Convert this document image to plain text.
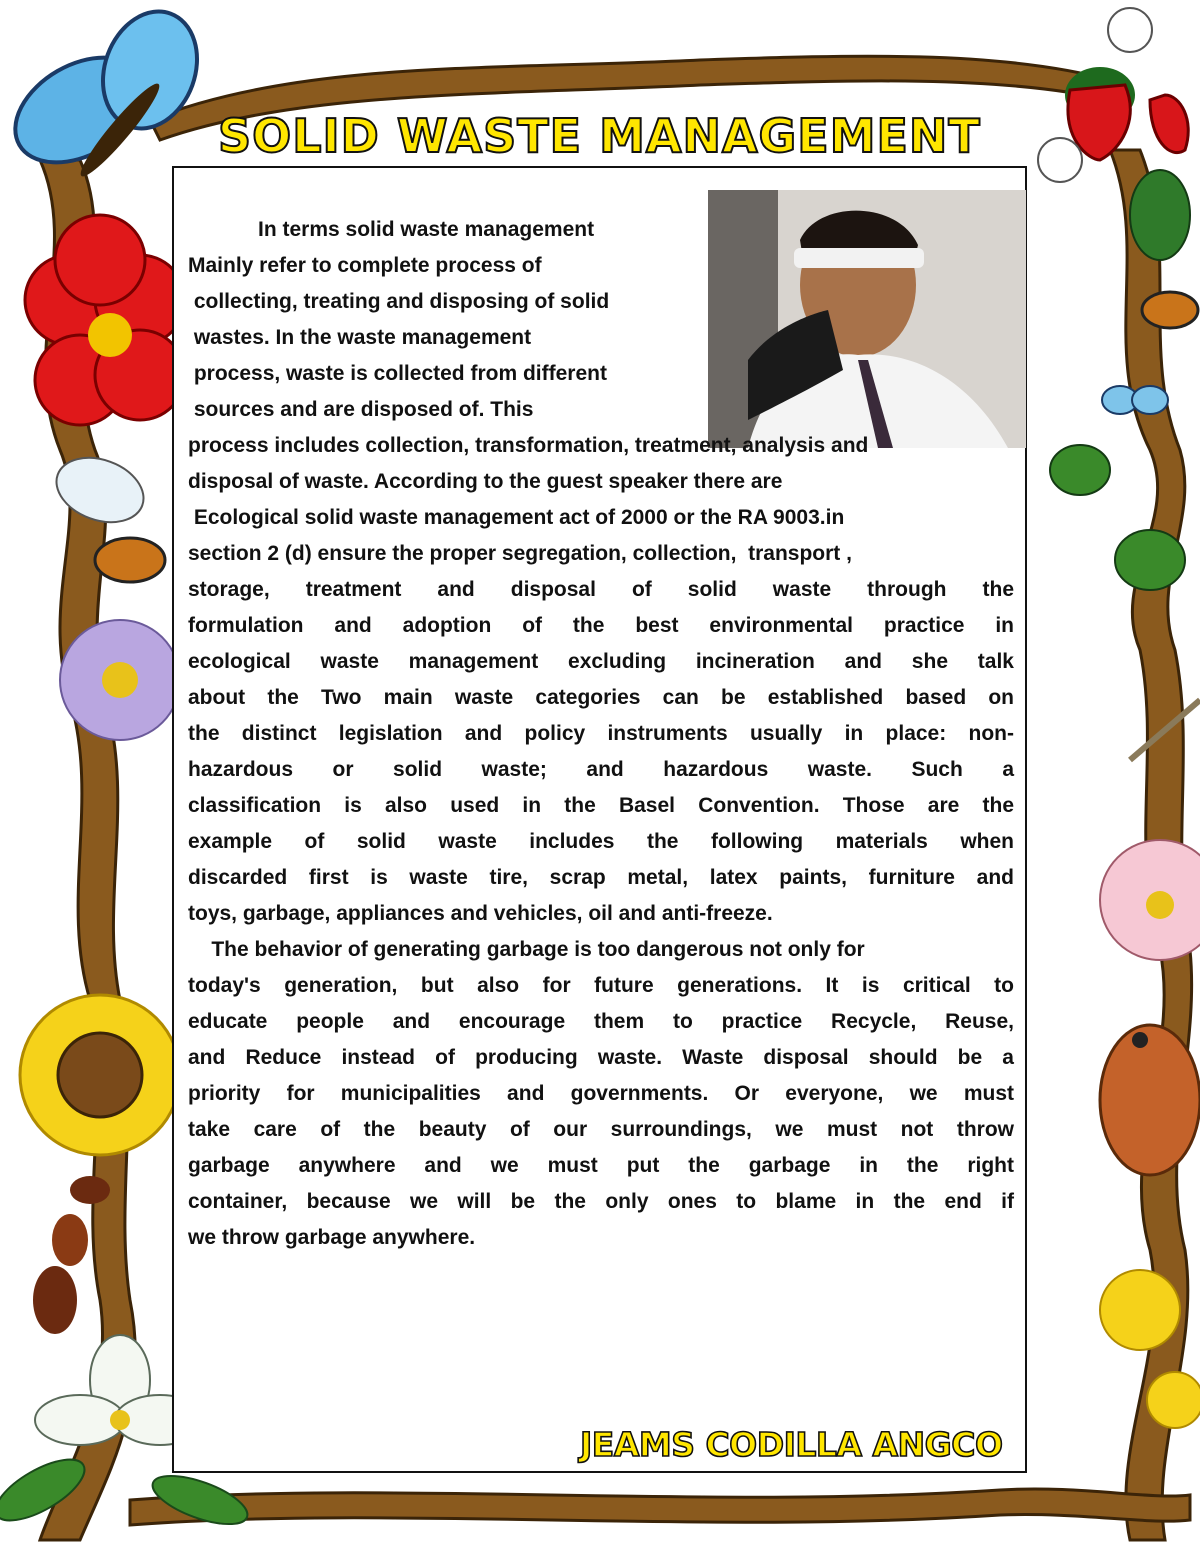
SOLID WASTE MANAGEMENT
In terms solid waste management
Mainly refer to complete process of
collecting, treating and disposing of solid
wastes. In the waste management
process, waste is collected from different
sources and are disposed of. This
process includes collection, transformation, treatment, analysis and
disposal of waste. According to the guest speaker there are
Ecological solid waste management act of 2000 or the RA 9003.in
section 2 (d) ensure the proper segregation, collection,  transport ,
storage, treatment and disposal of solid waste through the
formulation and adoption of the best environmental practice in
ecological waste management excluding incineration and she talk
about the Two main waste categories can be established based on
the distinct legislation and policy instruments usually in place: non-
hazardous or solid waste; and hazardous waste. Such a
classification is also used in the Basel Convention. Those are the
example of solid waste includes the following materials when
discarded first is waste tire, scrap metal, latex paints, furniture and
toys, garbage, appliances and vehicles, oil and anti-freeze.
The behavior of generating garbage is too dangerous not only for
today's generation, but also for future generations. It is critical to
educate people and encourage them to practice Recycle, Reuse,
and Reduce instead of producing waste. Waste disposal should be a
priority for municipalities and governments. Or everyone, we must
take care of the beauty of our surroundings, we must not throw
garbage anywhere and we must put the garbage in the right
container, because we will be the only ones to blame in the end if
we throw garbage anywhere.
JEAMS CODILLA ANGCO
